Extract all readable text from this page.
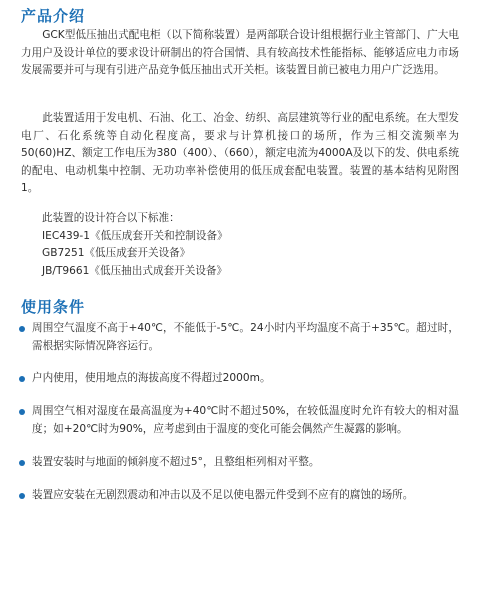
产品介绍
GCK型低压抽出式配电柜（以下简称装置）是两部联合设计组根据行业主管部门、广大电力用户及设计单位的要求设计研制出的符合国情、具有较高技术性能指标、能够适应电力市场发展需要并可与现有引进产品竞争低压抽出式开关柜。该装置目前已被电力用户广泛选用。
此装置适用于发电机、石油、化工、冶金、纺织、高层建筑等行业的配电系统。在大型发电厂、石化系统等自动化程度高，要求与计算机接口的场所，作为三相交流频率为50(60)HZ、额定工作电压为380（400）、（660），额定电流为4000A及以下的发、供电系统的配电、电动机集中控制、无功功率补偿使用的低压成套配电装置。装置的基本结构见附图1。
此装置的设计符合以下标准：
IEC439-1《低压成套开关和控制设备》
GB7251《低压成套开关设备》
JB/T9661《低压抽出式成套开关设备》
使用条件
周围空气温度不高于+40℃，不能低于-5℃。24小时内平均温度不高于+35℃。超过时，需根据实际情况降容运行。
户内使用，使用地点的海拔高度不得超过2000m。
周围空气相对湿度在最高温度为+40℃时不超过50%，在较低温度时允许有较大的相对温度；如+20℃时为90%，应考虑到由于温度的变化可能会偶然产生凝露的影响。
装置安装时与地面的倾斜度不超过5°，且整组柜列相对平整。
装置应安装在无剧烈震动和冲击以及不足以使电器元件受到不应有的腐蚀的场所。
